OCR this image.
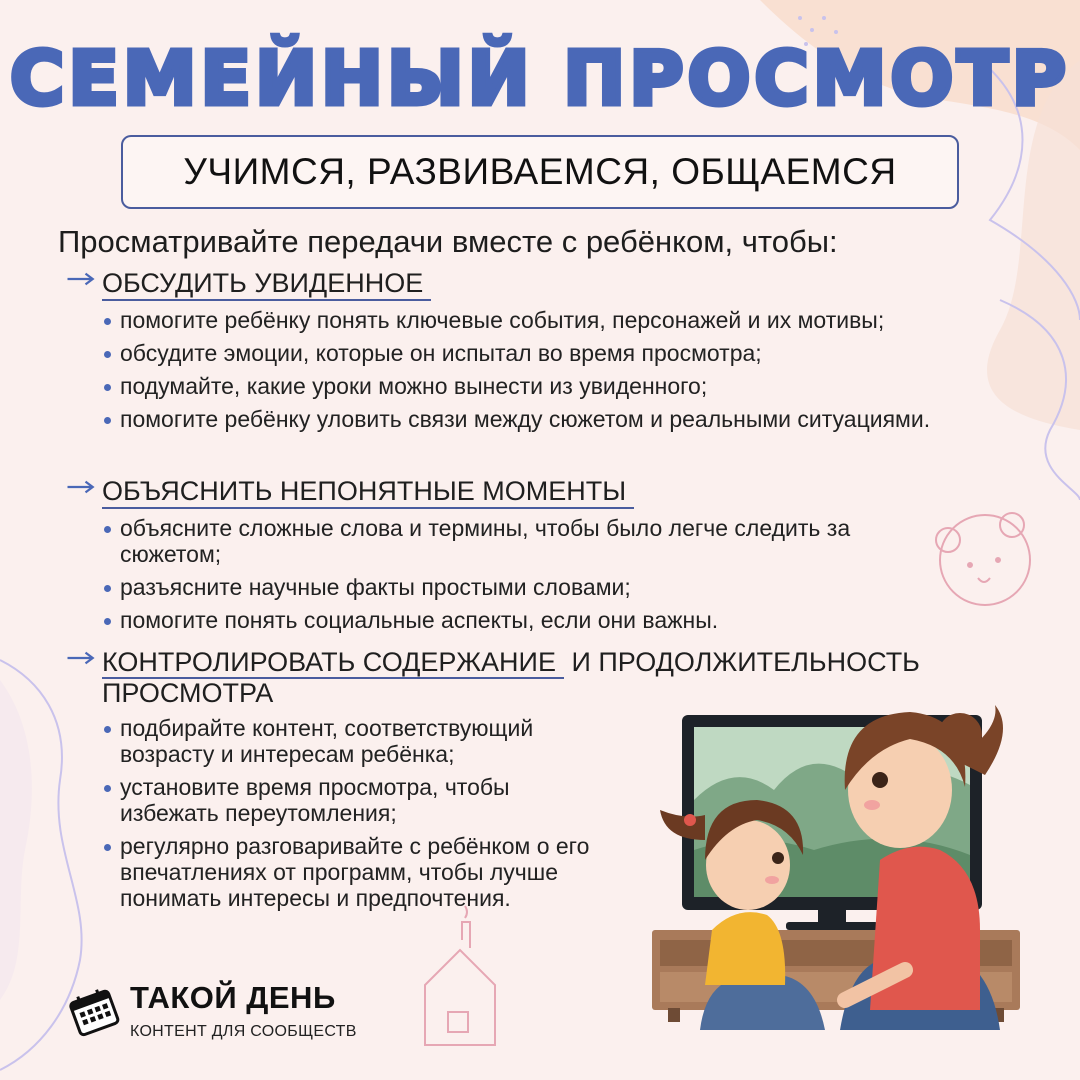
СЕМЕЙНЫЙ ПРОСМОТР
УЧИМСЯ, РАЗВИВАЕМСЯ, ОБЩАЕМСЯ
Просматривайте передачи вместе с ребёнком, чтобы:
ОБСУДИТЬ УВИДЕННОЕ
помогите ребёнку понять ключевые события, персонажей и их мотивы;
обсудите эмоции, которые он испытал во время просмотра;
подумайте, какие уроки можно вынести из увиденного;
помогите ребёнку уловить связи между сюжетом и реальными ситуациями.
ОБЪЯСНИТЬ НЕПОНЯТНЫЕ МОМЕНТЫ
объясните сложные слова и термины, чтобы было легче следить за сюжетом;
разъясните научные факты простыми словами;
помогите понять социальные аспекты, если они важны.
КОНТРОЛИРОВАТЬ СОДЕРЖАНИЕ И ПРОДОЛЖИТЕЛЬНОСТЬ ПРОСМОТРА
подбирайте контент, соответствующий возрасту и интересам ребёнка;
установите время просмотра, чтобы избежать переутомления;
регулярно разговаривайте с ребёнком о его впечатлениях от программ, чтобы лучше понимать интересы и предпочтения.
ТАКОЙ ДЕНЬ
КОНТЕНТ ДЛЯ СООБЩЕСТВ
